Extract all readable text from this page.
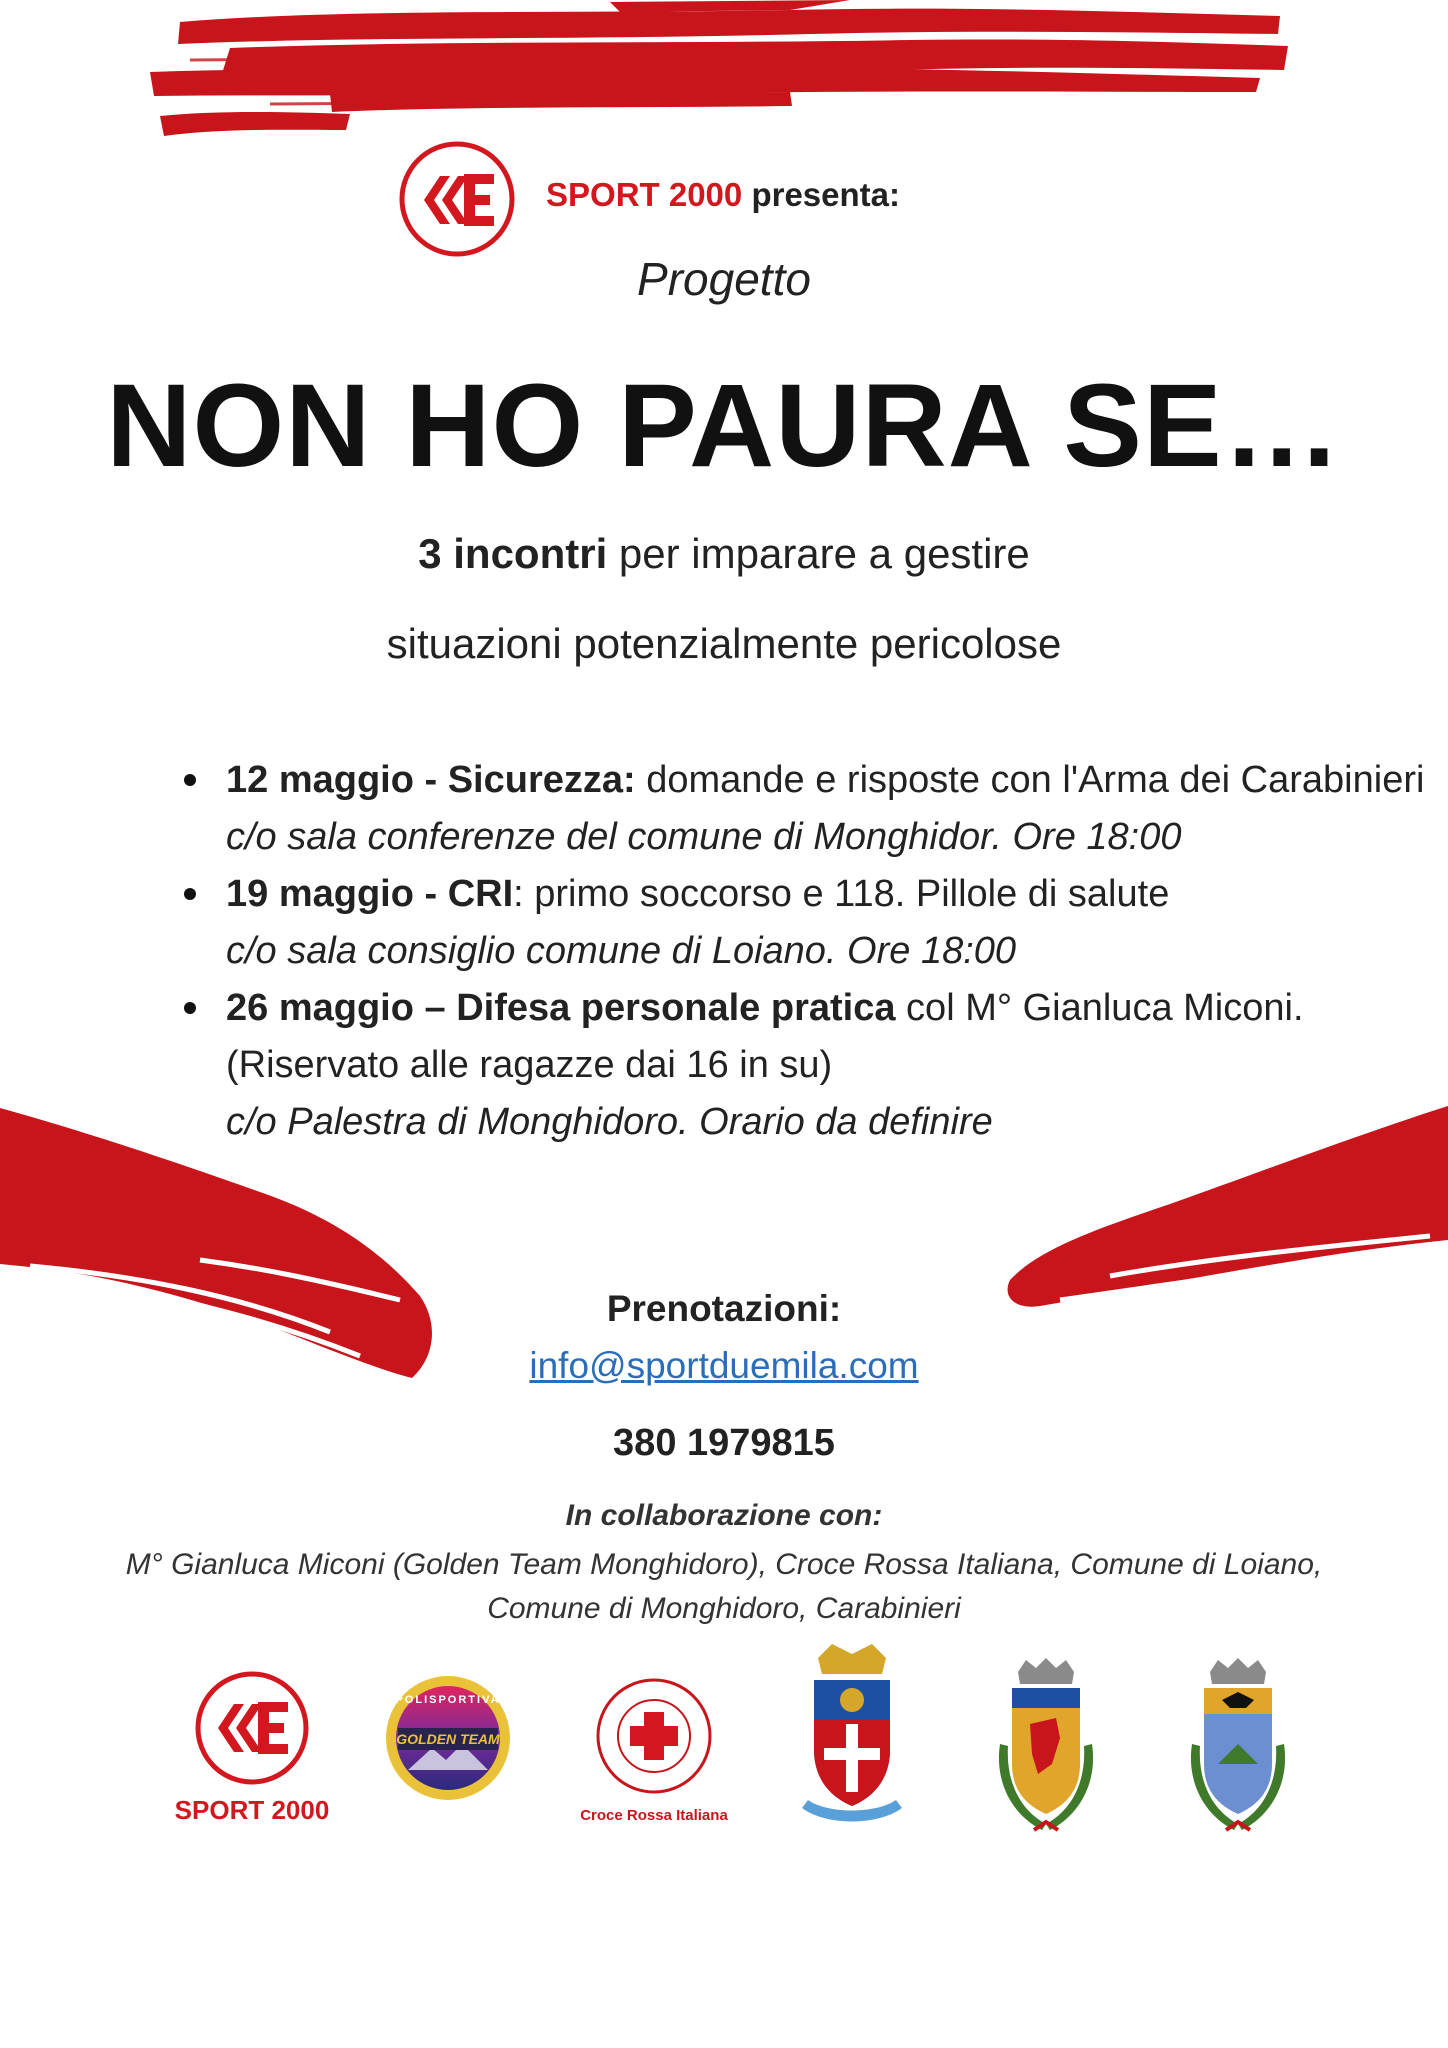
SPORT 2000 presenta:
Progetto
NON HO PAURA SE…
3 incontri per imparare a gestire
situazioni potenzialmente pericolose
12 maggio - Sicurezza: domande e risposte con l'Arma dei Carabinieri
c/o sala conferenze del comune di Monghidor. Ore 18:00
19 maggio - CRI: primo soccorso e 118. Pillole di salute
c/o sala consiglio comune di Loiano. Ore 18:00
26 maggio – Difesa personale pratica col M° Gianluca Miconi.
(Riservato alle ragazze dai 16 in su)
c/o Palestra di Monghidoro. Orario da definire
Prenotazioni:
info@sportduemila.com
380 1979815
In collaborazione con:
M° Gianluca Miconi (Golden Team Monghidoro), Croce Rossa Italiana, Comune di Loiano,
Comune di Monghidoro, Carabinieri
SPORT 2000
POLISPORTIVA
GOLDEN TEAM
Croce Rossa Italiana
